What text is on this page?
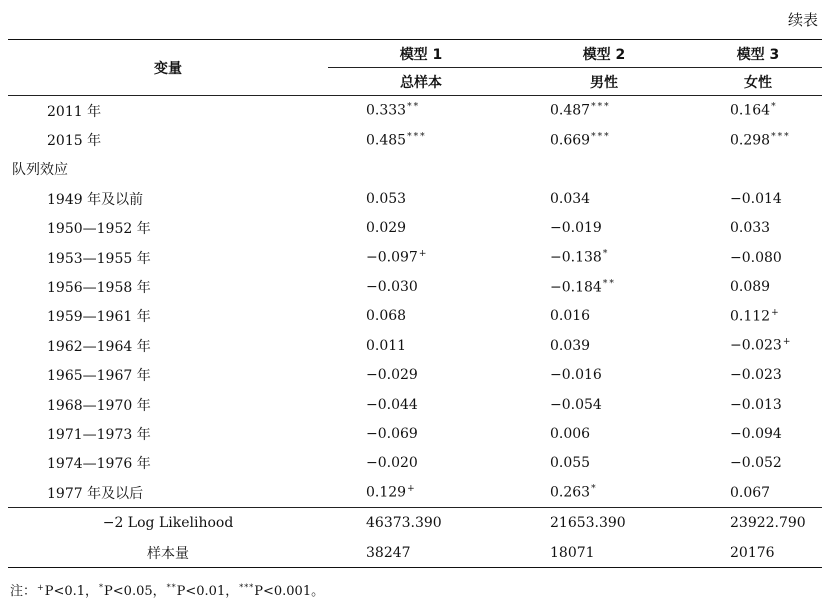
续表
变量	模型 1	模型 2	模型 3
	总样本	男性	女性
2011 年	0.333**	0.487***	0.164*
2015 年	0.485***	0.669***	0.298***
队列效应			
1949 年及以前	0.053	0.034	−0.014
1950—1952 年	0.029	−0.019	0.033
1953—1955 年	−0.097+	−0.138*	−0.080
1956—1958 年	−0.030	−0.184**	0.089
1959—1961 年	0.068	0.016	0.112+
1962—1964 年	0.011	0.039	−0.023+
1965—1967 年	−0.029	−0.016	−0.023
1968—1970 年	−0.044	−0.054	−0.013
1971—1973 年	−0.069	0.006	−0.094
1974—1976 年	−0.020	0.055	−0.052
1977 年及以后	0.129+	0.263*	0.067
−2 Log Likelihood	46373.390	21653.390	23922.790
样本量	38247	18071	20176
注：+P<0.1，*P<0.05，**P<0.01，***P<0.001。
